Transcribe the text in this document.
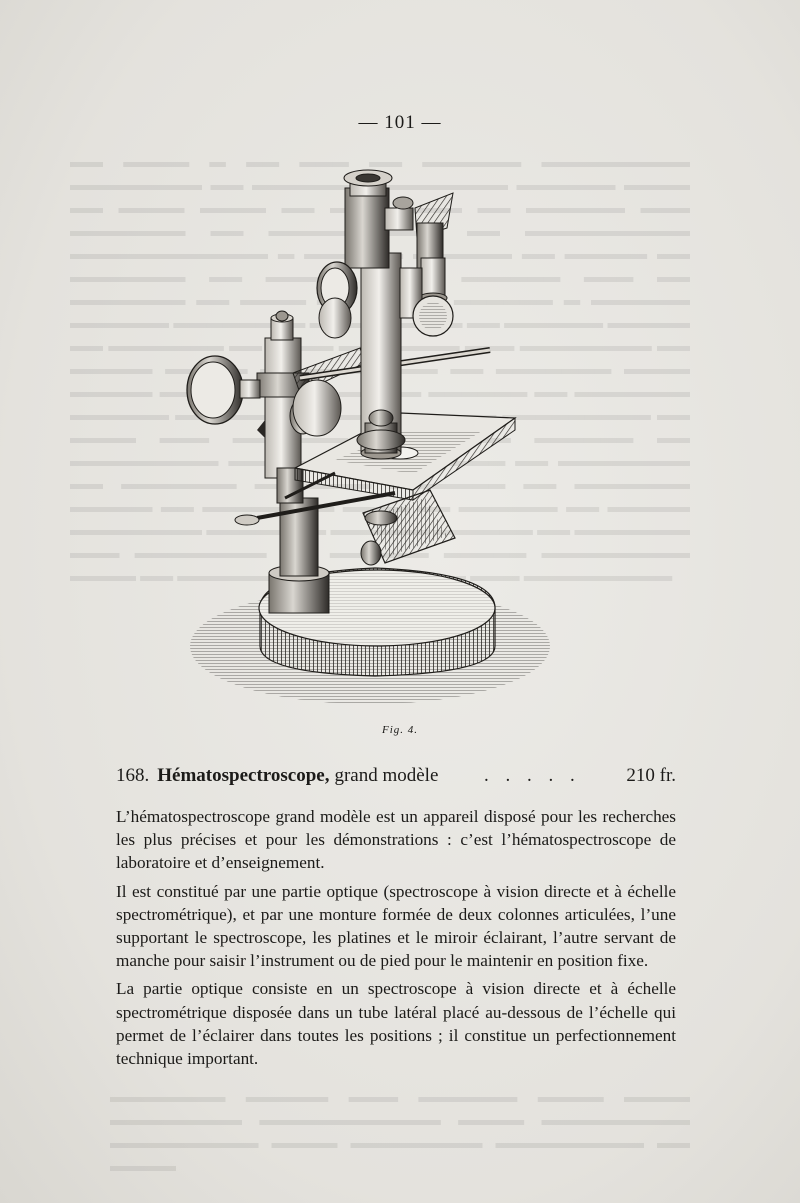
▬▬ ▬▬▬▬ ▬ ▬▬ ▬▬▬ ▬▬ ▬▬▬▬▬▬ ▬▬▬▬▬▬▬▬▬ ▬▬▬▬▬▬▬▬ ▬▬ ▬▬▬▬▬▬▬ ▬▬▬▬▬▬▬▬ ▬▬▬▬▬▬ ▬▬▬▬ ▬▬ ▬▬▬▬ ▬▬▬▬ ▬▬ ▬▬ ▬▬▬▬▬▬ ▬▬▬ ▬▬▬▬▬▬▬ ▬▬ ▬▬▬▬▬ ▬▬ ▬▬▬▬▬▬▬▬▬▬ ▬▬▬▬▬▬▬▬▬▬▬▬ ▬ ▬▬▬▬▬▬ ▬▬ ▬▬▬▬▬ ▬▬ ▬▬▬▬▬▬▬ ▬▬ ▬▬▬▬▬ ▬▬▬▬▬▬ ▬▬▬ ▬▬ ▬▬▬▬▬▬▬ ▬▬ ▬▬▬▬ ▬▬▬▬▬▬ ▬ ▬▬▬▬▬▬ ▬▬▬▬▬▬ ▬▬▬▬▬▬▬▬ ▬▬▬▬▬▬▬ ▬▬ ▬▬▬▬▬▬ ▬▬▬▬▬ ▬▬ ▬▬▬▬▬▬▬ ▬▬ ▬▬ ▬▬▬▬▬ ▬▬▬ ▬▬▬▬▬▬▬▬ ▬▬ ▬▬▬▬▬ ▬▬ ▬▬▬▬▬▬▬ ▬▬▬▬ ▬▬▬▬▬ ▬▬ ▬▬▬▬▬▬ ▬▬ ▬▬▬▬▬▬▬ ▬▬▬▬▬▬ ▬▬ ▬▬▬▬▬▬ ▬▬▬▬ ▬▬ ▬▬▬▬▬▬▬▬▬ ▬▬ ▬▬▬▬ ▬▬▬ ▬▬▬▬▬▬ ▬▬ ▬▬▬▬▬▬▬▬▬ ▬▬▬ ▬▬ ▬▬▬▬ ▬▬ ▬▬▬▬▬▬▬▬ ▬▬ ▬▬▬▬▬▬▬ ▬▬ ▬▬▬▬▬▬▬ ▬▬ ▬▬▬▬▬▬▬ ▬▬▬▬▬ ▬▬ ▬▬▬▬▬▬▬▬ ▬▬▬▬ ▬▬▬▬▬▬ ▬▬ ▬▬▬▬▬ ▬▬▬▬▬▬▬▬ ▬▬▬▬▬ ▬▬▬▬▬▬ ▬▬ ▬▬▬▬▬▬▬ ▬▬▬ ▬▬▬▬▬▬▬▬ ▬▬▬▬▬ ▬▬▬▬▬▬▬▬▬ ▬▬▬▬ ▬▬ ▬▬▬▬▬▬▬▬ ▬▬▬ ▬▬▬▬▬▬▬▬▬
▬▬▬▬▬▬▬ ▬▬▬▬▬ ▬▬▬ ▬▬▬▬▬▬ ▬▬▬▬ ▬▬▬▬ ▬▬▬▬▬▬▬▬ ▬▬▬▬▬▬▬▬▬▬▬ ▬▬▬▬ ▬▬▬▬▬▬▬▬▬ ▬▬▬▬▬▬▬▬▬ ▬▬▬▬ ▬▬▬▬▬▬▬▬ ▬▬▬▬▬▬▬▬▬ ▬▬ ▬▬▬▬
— 101 —
Fig. 4.
168. Hématospectroscope, grand modèle	. . . . .	210 fr.

L’hématospectroscope grand modèle est un appareil disposé pour les recherches les plus précises et pour les démonstrations : c’est l’hématospectroscope de laboratoire et d’enseignement.

Il est constitué par une partie optique (spectroscope à vision directe et à échelle spectrométrique), et par une monture formée de deux colonnes articulées, l’une supportant le spectroscope, les platines et le miroir éclairant, l’autre servant de manche pour saisir l’instrument ou de pied pour le maintenir en position fixe.

La partie optique consiste en un spectroscope à vision directe et à échelle spectrométrique disposée dans un tube latéral placé au-dessous de l’échelle qui permet de l’éclairer dans toutes les positions ; il constitue un perfectionnement technique important.
